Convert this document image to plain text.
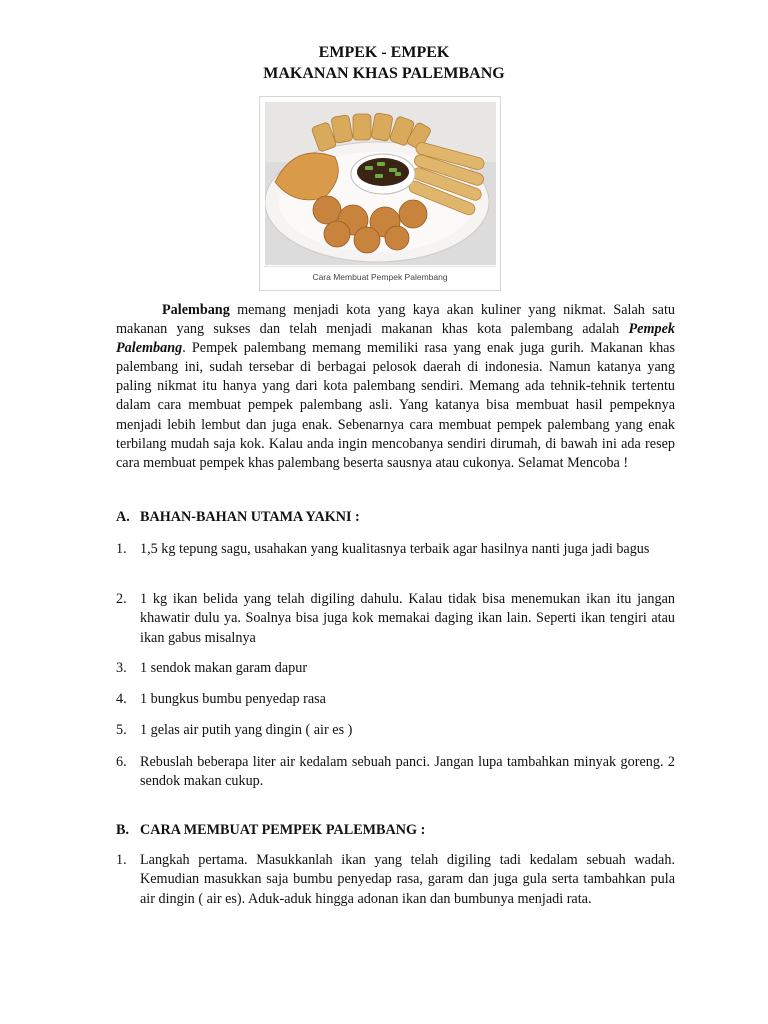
EMPEK - EMPEK
MAKANAN KHAS PALEMBANG
Cara Membuat Pempek Palembang

Palembang memang menjadi kota yang kaya akan kuliner yang nikmat. Salah satu makanan yang sukses dan telah menjadi makanan khas kota palembang adalah Pempek Palembang. Pempek palembang memang memiliki rasa yang enak juga gurih. Makanan khas palembang ini, sudah tersebar di berbagai pelosok daerah di indonesia. Namun katanya yang paling nikmat itu hanya yang dari kota palembang sendiri. Memang ada tehnik-tehnik tertentu dalam cara membuat pempek palembang asli. Yang katanya bisa membuat hasil pempeknya menjadi lebih lembut dan juga enak. Sebenarnya cara membuat pempek palembang yang enak terbilang mudah saja kok. Kalau anda ingin mencobanya sendiri dirumah, di bawah ini ada resep cara membuat pempek khas palembang beserta sausnya atau cukonya. Selamat Mencoba !

A. BAHAN-BAHAN UTAMA YAKNI :
1. 1,5 kg tepung sagu, usahakan yang kualitasnya terbaik agar hasilnya nanti juga jadi bagus
2. 1 kg ikan belida yang telah digiling dahulu. Kalau tidak bisa menemukan ikan itu jangan khawatir dulu ya. Soalnya bisa juga kok memakai daging ikan lain. Seperti ikan tengiri atau ikan gabus misalnya
3. 1 sendok makan garam dapur
4. 1 bungkus bumbu penyedap rasa
5. 1 gelas air putih yang dingin ( air es )
6. Rebuslah beberapa liter air kedalam sebuah panci. Jangan lupa tambahkan minyak goreng. 2 sendok makan cukup.
B. CARA MEMBUAT PEMPEK PALEMBANG :
1. Langkah pertama. Masukkanlah ikan yang telah digiling tadi kedalam sebuah wadah. Kemudian masukkan saja bumbu penyedap rasa, garam dan juga gula serta tambahkan pula air dingin ( air es). Aduk-aduk hingga adonan ikan dan bumbunya menjadi rata.
